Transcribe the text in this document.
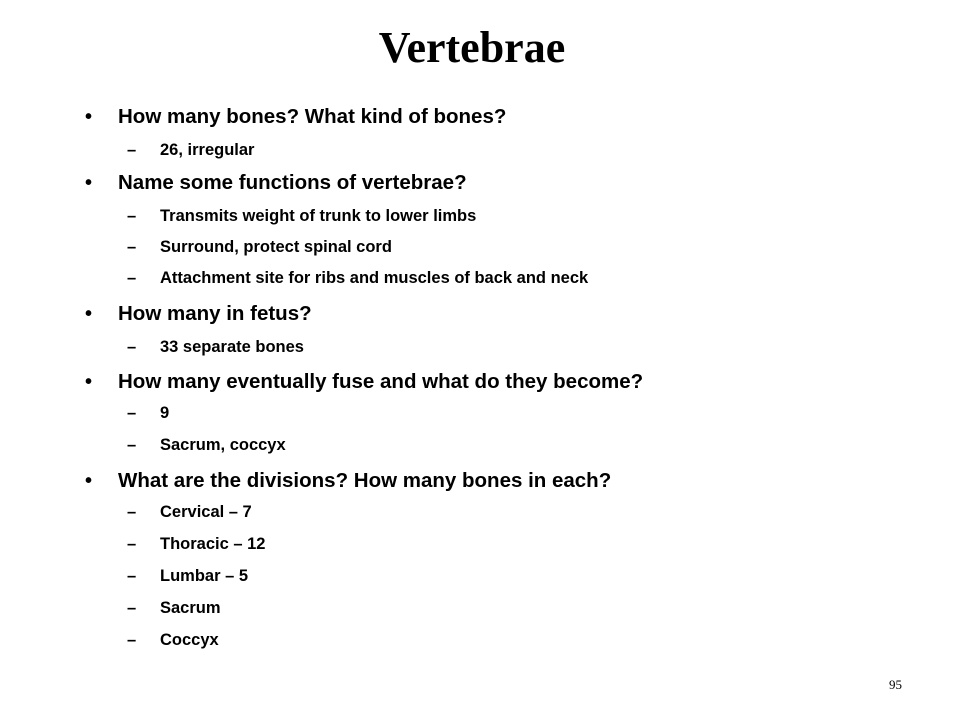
Vertebrae
• How many bones? What kind of bones?
– 26, irregular
• Name some functions of vertebrae?
– Transmits weight of trunk to lower limbs
– Surround, protect spinal cord
– Attachment site for ribs and muscles of back and neck
• How many in fetus?
– 33 separate bones
• How many eventually fuse and what do they become?
– 9
– Sacrum, coccyx
• What are the divisions? How many bones in each?
– Cervical – 7
– Thoracic – 12
– Lumbar – 5
– Sacrum
– Coccyx
95
